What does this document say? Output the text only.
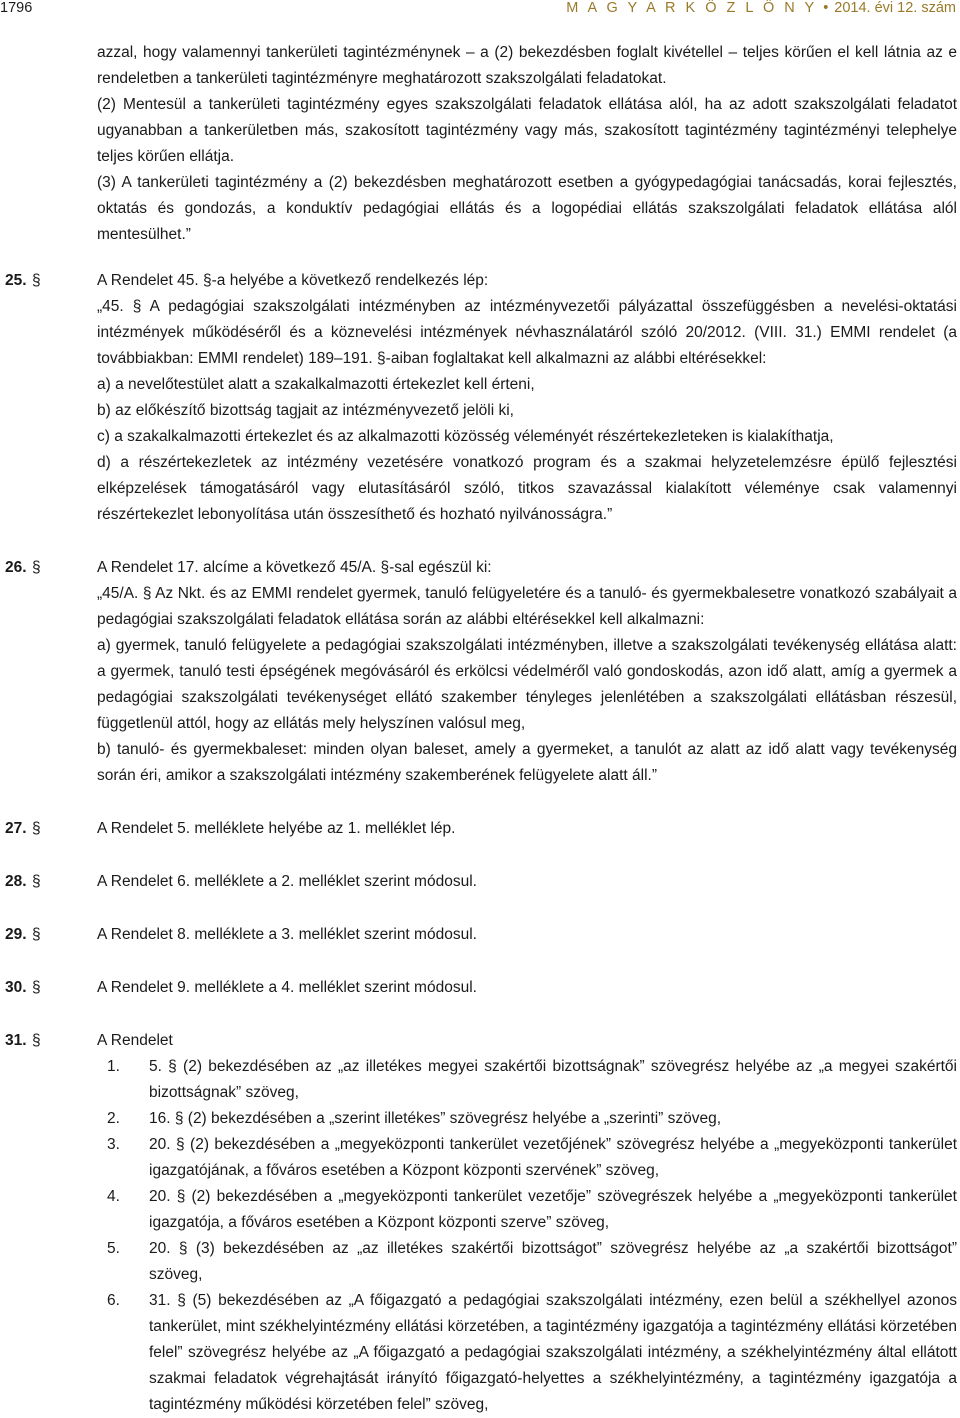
1796	M A G Y A R K Ö Z L Ö N Y • 2014. évi 12. szám

azzal, hogy valamennyi tankerületi tagintézménynek – a (2) bekezdésben foglalt kivétellel – teljes körűen el kell látnia az e rendeletben a tankerületi tagintézményre meghatározott szakszolgálati feladatokat.

(2) Mentesül a tankerületi tagintézmény egyes szakszolgálati feladatok ellátása alól, ha az adott szakszolgálati feladatot ugyanabban a tankerületben más, szakosított tagintézmény vagy más, szakosított tagintézmény tagintézményi telephelye teljes körűen ellátja.

(3) A tankerületi tagintézmény a (2) bekezdésben meghatározott esetben a gyógypedagógiai tanácsadás, korai fejlesztés, oktatás és gondozás, a konduktív pedagógiai ellátás és a logopédiai ellátás szakszolgálati feladatok ellátása alól mentesülhet.”

25. §	A Rendelet 45. §-a helyébe a következő rendelkezés lép:

„45. § A pedagógiai szakszolgálati intézményben az intézményvezetői pályázattal összefüggésben a nevelési-oktatási intézmények működéséről és a köznevelési intézmények névhasználatáról szóló 20/2012. (VIII. 31.) EMMI rendelet (a továbbiakban: EMMI rendelet) 189–191. §-aiban foglaltakat kell alkalmazni az alábbi eltérésekkel:

a) a nevelőtestület alatt a szakalkalmazotti értekezlet kell érteni,

b) az előkészítő bizottság tagjait az intézményvezető jelöli ki,

c) a szakalkalmazotti értekezlet és az alkalmazotti közösség véleményét részértekezleteken is kialakíthatja,

d) a részértekezletek az intézmény vezetésére vonatkozó program és a szakmai helyzetelemzésre épülő fejlesztési elképzelések támogatásáról vagy elutasításáról szóló, titkos szavazással kialakított véleménye csak valamennyi részértekezlet lebonyolítása után összesíthető és hozható nyilvánosságra.”

26. §	A Rendelet 17. alcíme a következő 45/A. §-sal egészül ki:

„45/A. § Az Nkt. és az EMMI rendelet gyermek, tanuló felügyeletére és a tanuló- és gyermekbalesetre vonatkozó szabályait a pedagógiai szakszolgálati feladatok ellátása során az alábbi eltérésekkel kell alkalmazni:

a) gyermek, tanuló felügyelete a pedagógiai szakszolgálati intézményben, illetve a szakszolgálati tevékenység ellátása alatt: a gyermek, tanuló testi épségének megóvásáról és erkölcsi védelméről való gondoskodás, azon idő alatt, amíg a gyermek a pedagógiai szakszolgálati tevékenységet ellátó szakember tényleges jelenlétében a szakszolgálati ellátásban részesül, függetlenül attól, hogy az ellátás mely helyszínen valósul meg,

b) tanuló- és gyermekbaleset: minden olyan baleset, amely a gyermeket, a tanulót az alatt az idő alatt vagy tevékenység során éri, amikor a szakszolgálati intézmény szakemberének felügyelete alatt áll.”

27. §	A Rendelet 5. melléklete helyébe az 1. melléklet lép.

28. §	A Rendelet 6. melléklete a 2. melléklet szerint módosul.

29. §	A Rendelet 8. melléklete a 3. melléklet szerint módosul.

30. §	A Rendelet 9. melléklete a 4. melléklet szerint módosul.

31. §	A Rendelet

1. 5. § (2) bekezdésében az „az illetékes megyei szakértői bizottságnak” szövegrész helyébe az „a megyei szakértői bizottságnak” szöveg,
2. 16. § (2) bekezdésében a „szerint illetékes” szövegrész helyébe a „szerinti” szöveg,
3. 20. § (2) bekezdésében a „megyeközponti tankerület vezetőjének” szövegrész helyébe a „megyeközponti tankerület igazgatójának, a főváros esetében a Központ központi szervének” szöveg,
4. 20. § (2) bekezdésében a „megyeközponti tankerület vezetője” szövegrészek helyébe a „megyeközponti tankerület igazgatója, a főváros esetében a Központ központi szerve” szöveg,
5. 20. § (3) bekezdésében az „az illetékes szakértői bizottságot” szövegrész helyébe az „a szakértői bizottságot” szöveg,
6. 31. § (5) bekezdésében az „A főigazgató a pedagógiai szakszolgálati intézmény, ezen belül a székhellyel azonos tankerület, mint székhelyintézmény ellátási körzetében, a tagintézmény igazgatója a tagintézmény ellátási körzetében felel” szövegrész helyébe az „A főigazgató a pedagógiai szakszolgálati intézmény, a székhelyintézmény által ellátott szakmai feladatok végrehajtását irányító főigazgató-helyettes a székhelyintézmény, a tagintézmény igazgatója a tagintézmény működési körzetében felel” szöveg,
